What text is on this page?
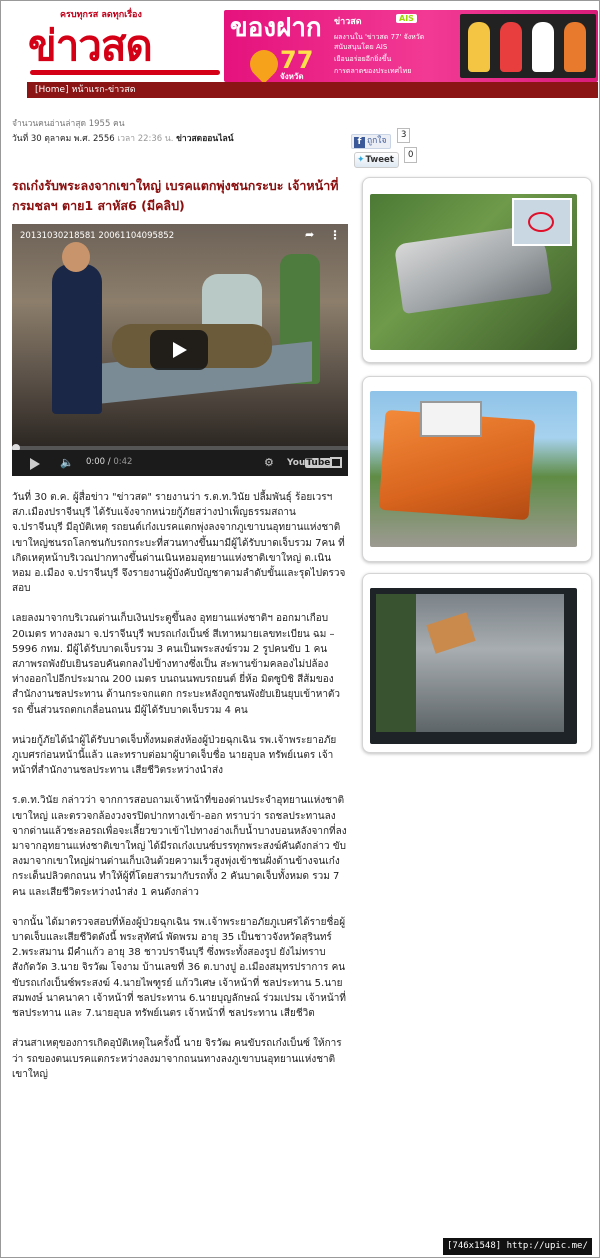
ครบทุกรส ลดทุกเรื่อง
ข่าวสด	ของฝาก
77
จังหวัด
ข่าวสด	AIS
ผลงานใน 'ข่าวสด 77' จังหวัด
สนับสนุนโดย AIS
เยือนอร่อยอีกยิ่งขึ้น
การตลาดของประเทศไทย
[Home] หน้าแรก-ข่าวสด
จำนวนคนอ่านล่าสุด 1955 คน
วันที่ 30 ตุลาคม พ.ศ. 2556 เวลา 22:36 น. ข่าวสดออนไลน์	f ถูกใจ
3
✦Tweet	0
รถเก๋งรับพระลงจากเขาใหญ่ เบรคแตกพุ่งชนกระบะ เจ้าหน้าที่กรมชลฯ ตาย1 สาหัส6 (มีคลิป)
20131030218581 20061104095852	➦	⋮
🔈 0:00 / 0:42	⚙ YouTube

วันที่ 30 ต.ค. ผู้สื่อข่าว "ข่าวสด" รายงานว่า ร.ต.ท.วินัย ปลื้มพันธุ์ ร้อยเวรฯ สภ.เมืองปราจีนบุรี ได้รับแจ้งจากหน่วยกู้ภัยสว่างป่าเพ็ญธรรมสถาน จ.ปราจีนบุรี มีอุบัติเหตุ รถยนต์เก๋งเบรคแตกพุ่งลงจากภูเขาบนอุทยานแห่งชาติเขาใหญ่ชนรถโลกชนกับรถกระบะที่สวนทางขึ้นมามีผู้ได้รับบาดเจ็บรวม 7คน ที่เกิดเหตุหน้าบริเวณปากทางขึ้นด่านเนินหอมอุทยานแห่งชาติเขาใหญ่ ต.เนินหอม อ.เมือง จ.ปราจีนบุรี จึงรายงานผู้บังคับบัญชาตามลำดับขั้นและรุดไปตรวจสอบ

เลยลงมาจากบริเวณด่านเก็บเงินประตูขึ้นลง อุทยานแห่งชาติฯ ออกมาเกือบ 20เมตร ทางลงมา จ.ปราจีนบุรี พบรถเก๋งเบ็นซ์ สีเทาหมายเลขทะเบียน ฉม – 5996 กทม. มีผู้ได้รับบาดเจ็บรวม 3 คนเป็นพระสงฆ์รวม 2 รูปคนขับ 1 คน สภาพรถพังยับเยินรอบคันตกลงไปข้างทางซึ่งเป็น สะพานข้ามคลองไม่ปล้อง ห่างออกไปอีกประมาณ 200 เมตร บนถนนพบรถยนต์ ยี่ห้อ มิตซูบิชิ สีส้มของสำนักงานชลประทาน ด้านกระจกแตก กระบะหลังถูกชนพังยับเยินยุบเข้าหาตัวรถ ขึ้นส่วนรถตกเกลื่อนถนน มีผู้ได้รับบาดเจ็บรวม 4 คน

หน่วยกู้ภัยได้นำผู้ได้รับบาดเจ็บทั้งหมดส่งห้องผู้ป่วยฉุกเฉิน รพ.เจ้าพระยาอภัยภูเบศรก่อนหน้านี้แล้ว และทราบต่อมาผู้บาดเจ็บชื่อ นายอุบล ทรัพย์เนตร เจ้าหน้าที่สำนักงานชลประทาน เสียชีวิตระหว่างนำส่ง

ร.ต.ท.วินัย กล่าวว่า จากการสอบถามเจ้าหน้าที่ของด่านประจำอุทยานแห่งชาติเขาใหญ่ และตรวจกล้องวงจรปิดปากทางเข้า-ออก ทราบว่า รถชลประทานลงจากด่านแล้วชะลอรถเพื่อจะเลี้ยวขวาเข้าไปทางอ่างเก็บน้ำบางบอนหลังจากที่ลงมาจากอุทยานแห่งชาติเขาใหญ่ ได้มีรถเก๋งเบนซ์บรรทุกพระสงฆ์คันดังกล่าว ขับลงมาจากเขาใหญ่ผ่านด่านเก็บเงินด้วยความเร็วสูงพุ่งเข้าชนฝั่งด้านข้างจนเก๋งกระเด็นปลิวตกถนน ทำให้ผู้ที่โดยสารมากับรถทั้ง 2 คันบาดเจ็บทั้งหมด รวม 7 คน และเสียชีวิตระหว่างนำส่ง 1 คนดังกล่าว

จากนั้น ได้มาตรวจสอบที่ห้องผู้ป่วยฉุกเฉิน รพ.เจ้าพระยาอภัยภูเบศรได้รายชื่อผู้บาดเจ็บและเสียชีวิตดังนี้ พระสุทัศน์ พัดพรม อายุ 35 เป็นชาวจังหวัดสุรินทร์ 2.พระสมาน มีคำแก้ว อายุ 38 ชาวปราจีนบุรี ซึ่งพระทั้งสองรูป ยังไม่ทราบสังกัดวัด 3.นาย จิรวัฒ โจงาม บ้านเลขที่ 36 ต.บางปู อ.เมืองสมุทรปราการ คนขับรถเก๋งเบ็นซ์พระสงฆ์ 4.นายไพฑูรย์ แก้ววิเศษ เจ้าหน้าที่ ชลประทาน 5.นายสมพงษ์ นาคนาคา เจ้าหน้าที่ ชลประทาน 6.นายบุญลักษณ์ ร่วมเปรม เจ้าหน้าที่ ชลประทาน และ 7.นายอุบล ทรัพย์เนตร เจ้าหน้าที่ ชลประทาน เสียชีวิต

ส่วนสาเหตุของการเกิดอุบัติเหตุในครั้งนี้ นาย จิรวัฒ คนขับรถเก๋งเบ็นซ์ ให้การว่า รถของตนเบรคแตกระหว่างลงมาจากถนนทางลงภูเขาบนอุทยานแห่งชาติเขาใหญ่

[746x1548] http://upic.me/
